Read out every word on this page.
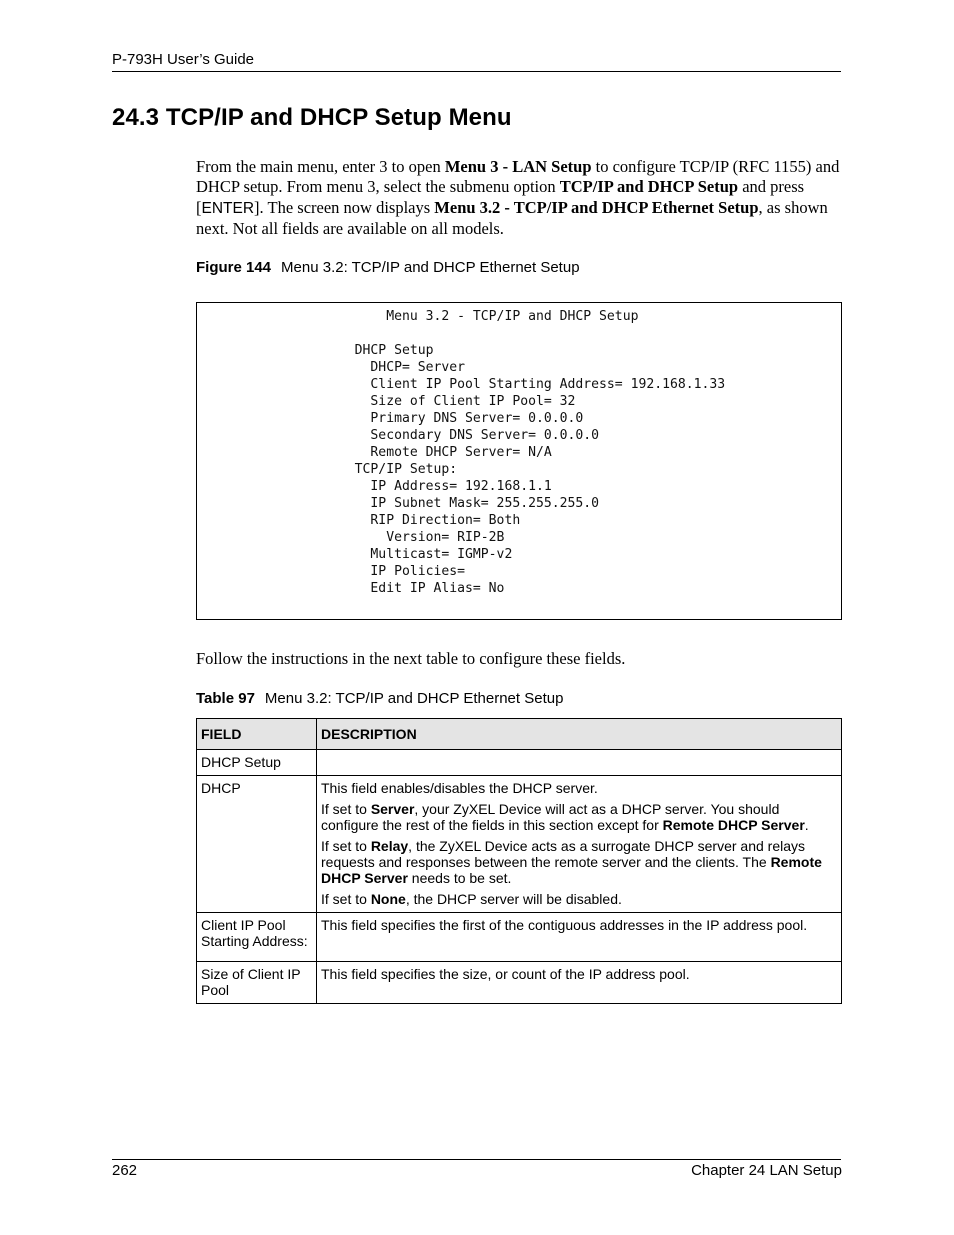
P-793H User’s Guide
24.3 TCP/IP and DHCP Setup Menu
From the main menu, enter 3 to open Menu 3 - LAN Setup to configure TCP/IP (RFC 1155) and DHCP setup. From menu 3, select the submenu option TCP/IP and DHCP Setup and press [ENTER]. The screen now displays Menu 3.2 - TCP/IP and DHCP Ethernet Setup, as shown next. Not all fields are available on all models.
Figure 144 Menu 3.2: TCP/IP and DHCP Ethernet Setup
Menu 3.2 - TCP/IP and DHCP Setup

DHCP Setup
DHCP= Server
Client IP Pool Starting Address= 192.168.1.33
Size of Client IP Pool= 32
Primary DNS Server= 0.0.0.0
Secondary DNS Server= 0.0.0.0
Remote DHCP Server= N/A
TCP/IP Setup:
IP Address= 192.168.1.1
IP Subnet Mask= 255.255.255.0
RIP Direction= Both
Version= RIP-2B
Multicast= IGMP-v2
IP Policies=
Edit IP Alias= No
Follow the instructions in the next table to configure these fields.
Table 97 Menu 3.2: TCP/IP and DHCP Ethernet Setup
FIELD	DESCRIPTION
DHCP Setup	
DHCP	This field enables/disables the DHCP server.

If set to Server, your ZyXEL Device will act as a DHCP server. You should configure the rest of the fields in this section except for Remote DHCP Server.

If set to Relay, the ZyXEL Device acts as a surrogate DHCP server and relays requests and responses between the remote server and the clients. The Remote DHCP Server needs to be set.

If set to None, the DHCP server will be disabled.

Client IP Pool Starting Address:	This field specifies the first of the contiguous addresses in the IP address pool.
Size of Client IP Pool	This field specifies the size, or count of the IP address pool.
262	Chapter 24 LAN Setup
